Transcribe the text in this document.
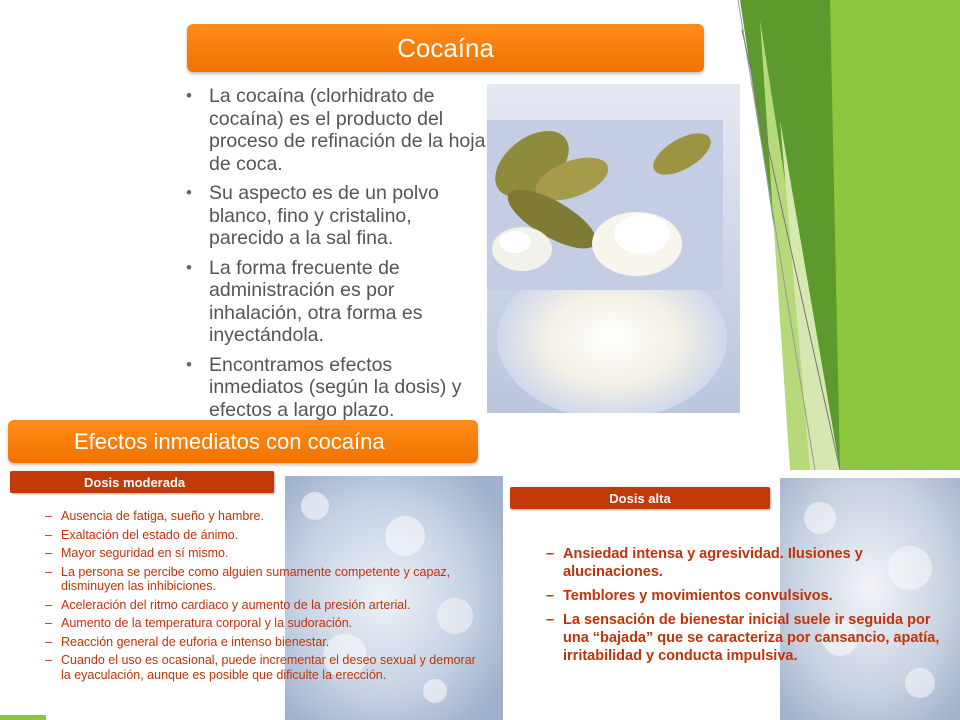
Cocaína
• La cocaína (clorhidrato de cocaína) es el producto del proceso de refinación de la hoja de coca.
• Su aspecto es de un polvo blanco, fino y cristalino, parecido a la sal fina.
• La forma frecuente de administración es por inhalación, otra forma es inyectándola.
• Encontramos efectos inmediatos (según la dosis) y efectos a largo plazo.
Efectos inmediatos con cocaína
Dosis moderada
– Ausencia de fatiga, sueño y hambre.
– Exaltación del estado de ánimo.
– Mayor seguridad en sí mismo.
– La persona se percibe como alguien sumamente competente y capaz, disminuyen las inhibiciones.
– Aceleración del ritmo cardiaco y aumento de la presión arterial.
– Aumento de la temperatura corporal y la sudoración.
– Reacción general de euforia e intenso bienestar.
– Cuando el uso es ocasional, puede incrementar el deseo sexual y demorar la eyaculación, aunque es posible que dificulte la erección.
Dosis alta
– Ansiedad intensa y agresividad. Ilusiones y alucinaciones.
– Temblores y movimientos convulsivos.
– La sensación de bienestar inicial suele ir seguida por una “bajada” que se caracteriza por cansancio, apatía, irritabilidad y conducta impulsiva.
